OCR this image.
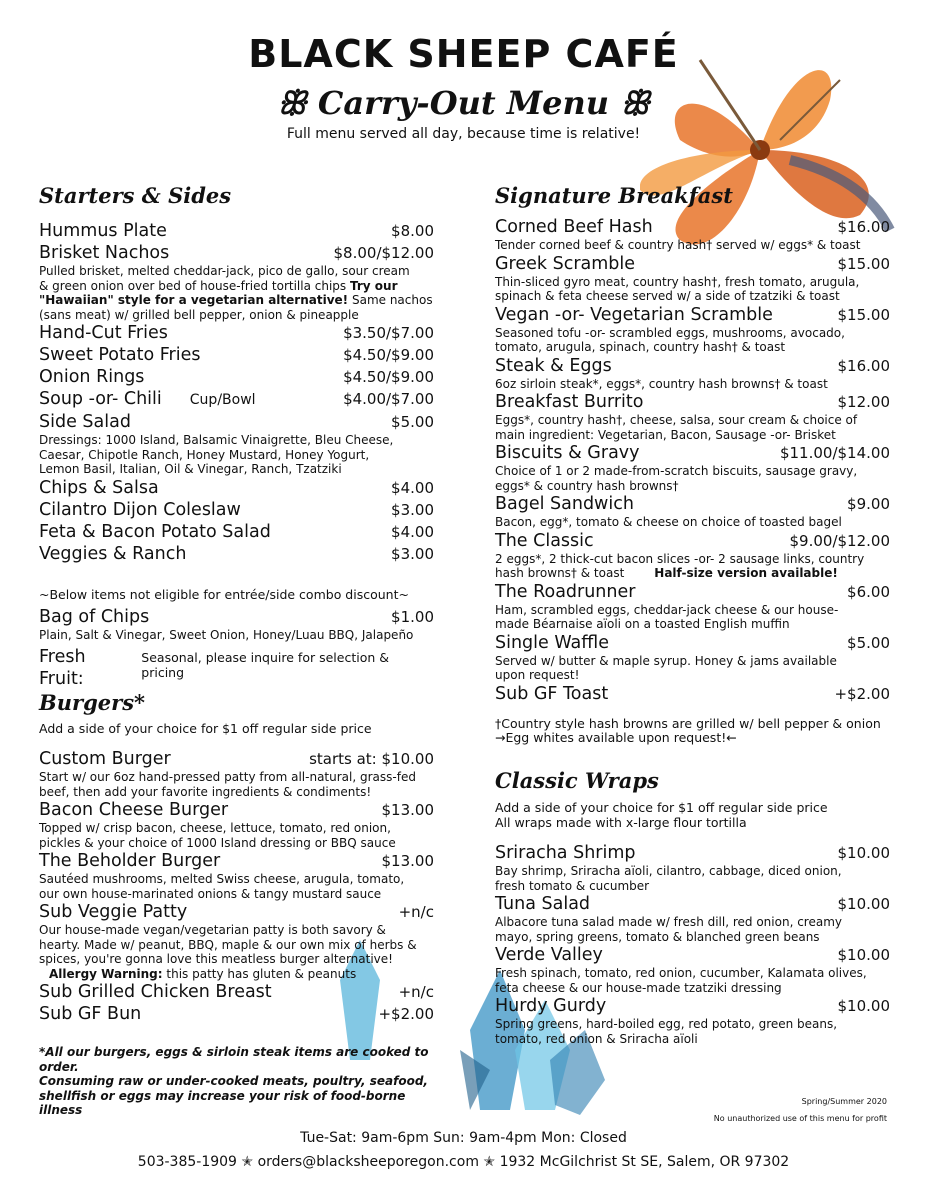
BLACK SHEEP CAFÉ
ꕥ Carry-Out Menu ꕥ
Full menu served all day, because time is relative!
Starters & Sides
Hummus Plate	$8.00
Brisket Nachos	$8.00/$12.00
Pulled brisket, melted cheddar-jack, pico de gallo, sour cream
& green onion over bed of house-fried tortilla chips Try our
"Hawaiian" style for a vegetarian alternative! Same nachos
(sans meat) w/ grilled bell pepper, onion & pineapple
Hand-Cut Fries	$3.50/$7.00
Sweet Potato Fries	$4.50/$9.00
Onion Rings	$4.50/$9.00
Soup -or- Chili Cup/Bowl	$4.00/$7.00
Side Salad	$5.00
Dressings: 1000 Island, Balsamic Vinaigrette, Bleu Cheese,
Caesar, Chipotle Ranch, Honey Mustard, Honey Yogurt,
Lemon Basil, Italian, Oil & Vinegar, Ranch, Tzatziki
Chips & Salsa	$4.00
Cilantro Dijon Coleslaw	$3.00
Feta & Bacon Potato Salad	$4.00
Veggies & Ranch	$3.00
~Below items not eligible for entrée/side combo discount~
Bag of Chips	$1.00
Plain, Salt & Vinegar, Sweet Onion, Honey/Luau BBQ, Jalapeño
Fresh Fruit:
Seasonal, please inquire for selection & pricing
Burgers*
Add a side of your choice for $1 off regular side price
Custom Burger	starts at: $10.00
Start w/ our 6oz hand-pressed patty from all-natural, grass-fed
beef, then add your favorite ingredients & condiments!
Bacon Cheese Burger	$13.00
Topped w/ crisp bacon, cheese, lettuce, tomato, red onion,
pickles & your choice of 1000 Island dressing or BBQ sauce
The Beholder Burger	$13.00
Sautéed mushrooms, melted Swiss cheese, arugula, tomato,
our own house-marinated onions & tangy mustard sauce
Sub Veggie Patty	+n/c
Our house-made vegan/vegetarian patty is both savory &
hearty. Made w/ peanut, BBQ, maple & our own mix of herbs &
spices, you're gonna love this meatless burger alternative!
Allergy Warning: this patty has gluten & peanuts
Sub Grilled Chicken Breast	+n/c
Sub GF Bun	+$2.00
*All our burgers, eggs & sirloin steak items are cooked to order.
Consuming raw or under-cooked meats, poultry, seafood,
shellfish or eggs may increase your risk of food-borne illness
Signature Breakfast
Corned Beef Hash	$16.00
Tender corned beef & country hash† served w/ eggs* & toast
Greek Scramble	$15.00
Thin-sliced gyro meat, country hash†, fresh tomato, arugula,
spinach & feta cheese served w/ a side of tzatziki & toast
Vegan -or- Vegetarian Scramble	$15.00
Seasoned tofu -or- scrambled eggs, mushrooms, avocado,
tomato, arugula, spinach, country hash† & toast
Steak & Eggs	$16.00
6oz sirloin steak*, eggs*, country hash browns† & toast
Breakfast Burrito	$12.00
Eggs*, country hash†, cheese, salsa, sour cream & choice of
main ingredient: Vegetarian, Bacon, Sausage -or- Brisket
Biscuits & Gravy	$11.00/$14.00
Choice of 1 or 2 made-from-scratch biscuits, sausage gravy,
eggs* & country hash browns†
Bagel Sandwich	$9.00
Bacon, egg*, tomato & cheese on choice of toasted bagel
The Classic	$9.00/$12.00
2 eggs*, 2 thick-cut bacon slices -or- 2 sausage links, country
hash browns† & toast	Half-size version available!
The Roadrunner	$6.00
Ham, scrambled eggs, cheddar-jack cheese & our house-
made Béarnaise aïoli on a toasted English muffin
Single Waffle	$5.00
Served w/ butter & maple syrup. Honey & jams available
upon request!
Sub GF Toast	+$2.00
†Country style hash browns are grilled w/ bell pepper & onion
→Egg whites available upon request!←
Classic Wraps
Add a side of your choice for $1 off regular side price
All wraps made with x-large flour tortilla
Sriracha Shrimp	$10.00
Bay shrimp, Sriracha aïoli, cilantro, cabbage, diced onion,
fresh tomato & cucumber
Tuna Salad	$10.00
Albacore tuna salad made w/ fresh dill, red onion, creamy
mayo, spring greens, tomato & blanched green beans
Verde Valley	$10.00
Fresh spinach, tomato, red onion, cucumber, Kalamata olives,
feta cheese & our house-made tzatziki dressing
Hurdy Gurdy	$10.00
Spring greens, hard-boiled egg, red potato, green beans,
tomato, red onion & Sriracha aïoli
Spring/Summer 2020
No unauthorized use of this menu for profit
Tue-Sat: 9am-6pm Sun: 9am-4pm Mon: Closed
503-385-1909 ✭ orders@blacksheeporegon.com ✭ 1932 McGilchrist St SE, Salem, OR 97302
